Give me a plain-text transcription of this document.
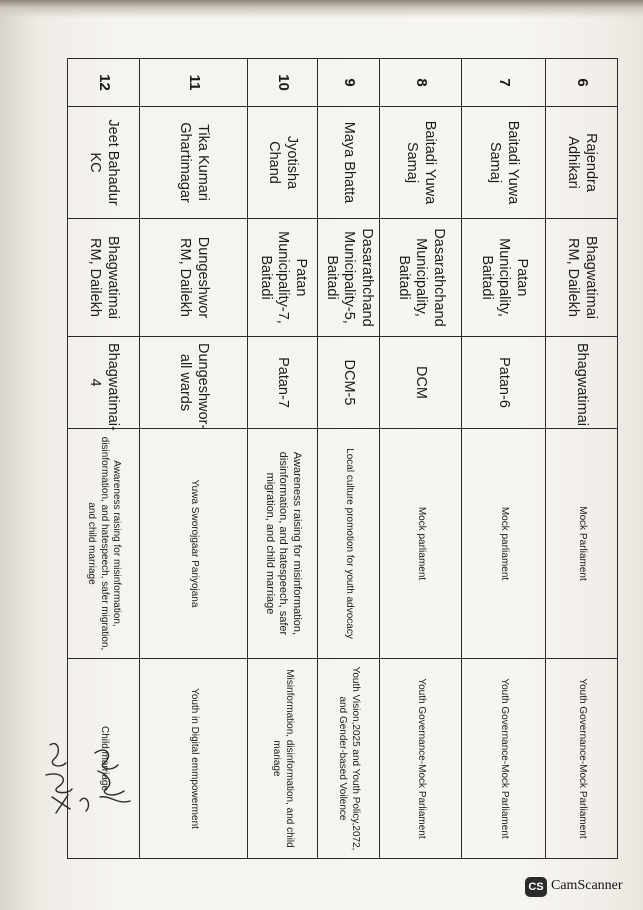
6	Rajendra Adhikari	Bhagwatimai RM, Dailekh	Bhagwatimai	Mock Parliament	Youth Governance-Mock Parliament
7	Baitadi Yuwa Samaj	Patan Municipality, Baitadi	Patan-6	Mock parliament	Youth Governance-Mock Parliament
8	Baitadi Yuwa Samaj	Dasarathchand Municipality, Baitadi	DCM	Mock parliament	Youth Governance-Mock Parliament
9	Maya Bhatta	Dasarathchand Municipality-5, Baitadi	DCM-5	Local culture promotion for youth advocacy	Youth Vision,2025 and Youth Policy,2072, and Gender-based Voilence
10	Jyotisha Chand	Patan Municipality-7, Baitadi	Patan-7	Awareness raising for misinformation, disinformation, and hatespeech, safer migration, and child marriage	Misinformation, disinformation, and child mariage
11	Tika Kumari Ghartimagar	Dungeshwor RM, Dailekh	Dungeshwor-all wards	Yuwa Sworojgaar Pariyojana	Youth in Digital emmpowerment
12	Jeet Bahadur KC	Bhagwatimai RM, Dailekh	Bhagwatimai-4	Awareness raising for misinformation, disinformation, and hatespeech, safer migration, and child marriage	Child marriage
CS CamScanner
